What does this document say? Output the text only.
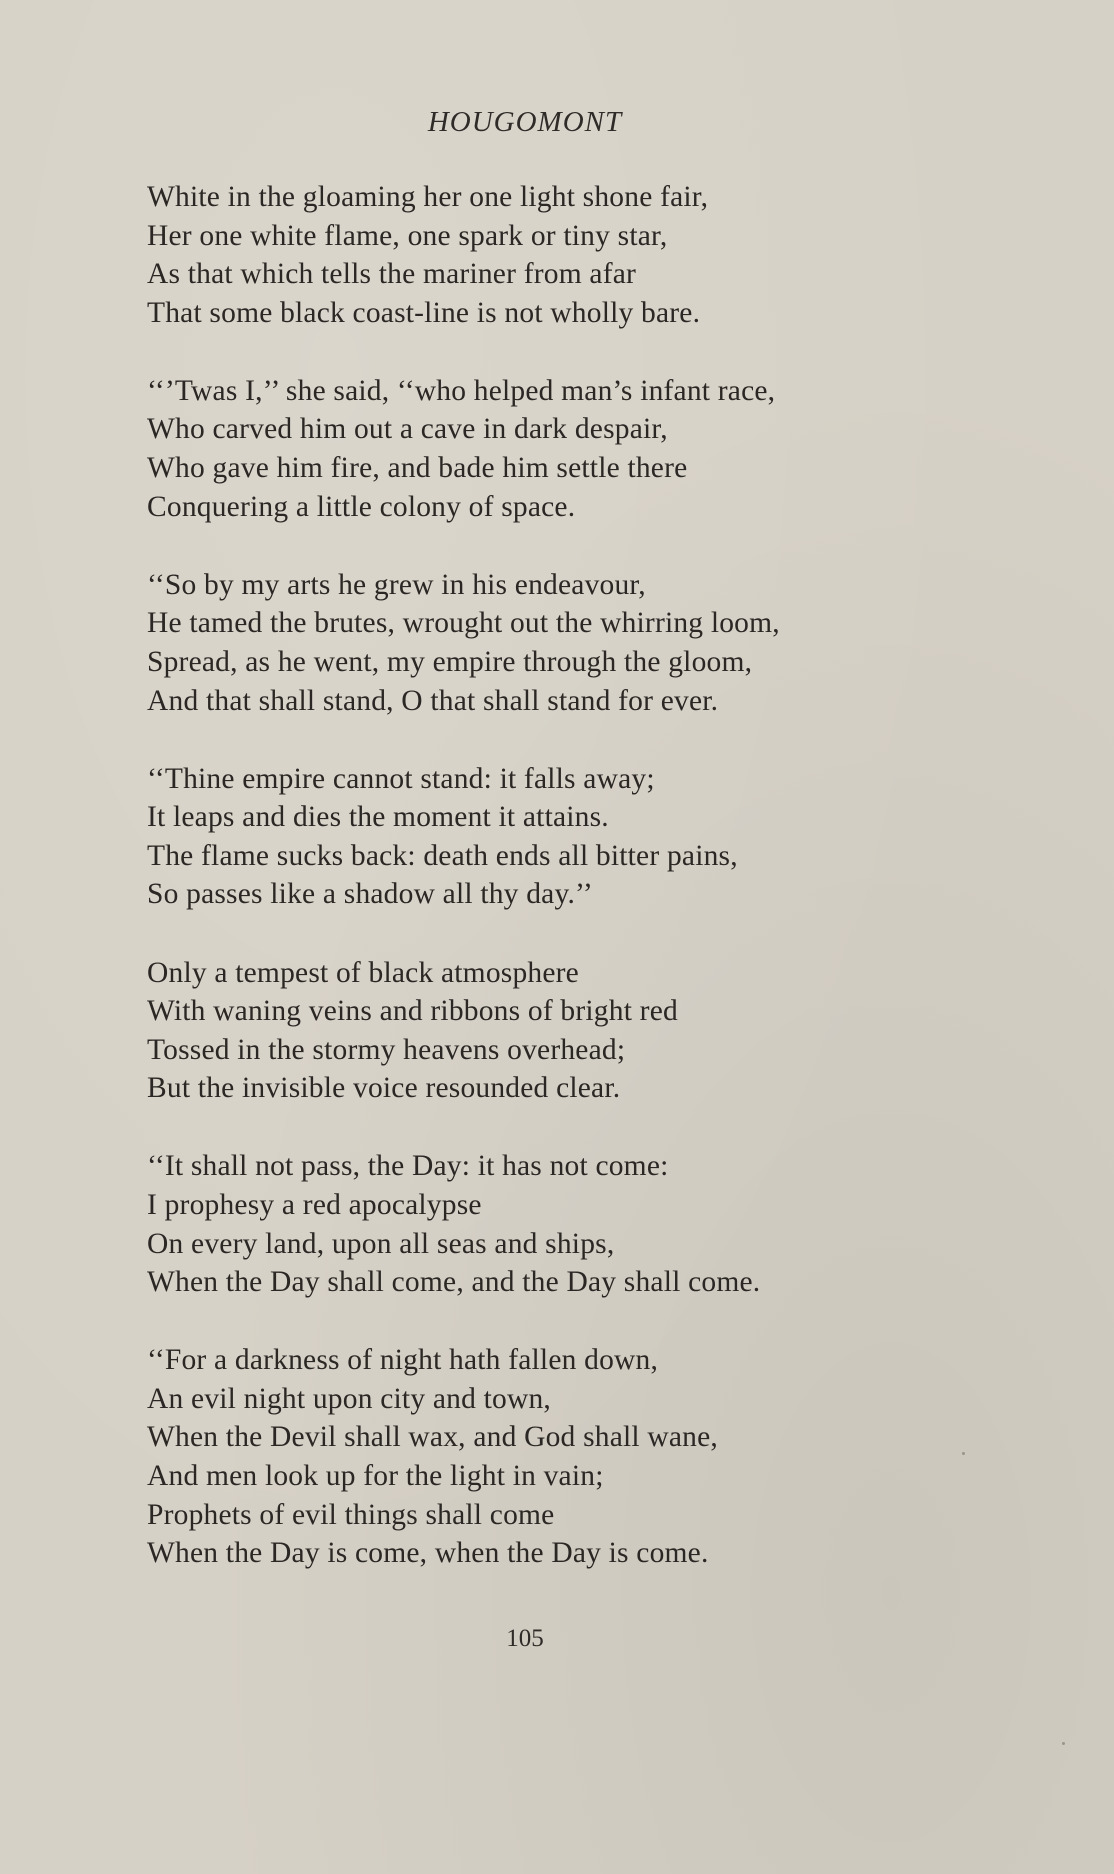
HOUGOMONT
White in the gloaming her one light shone fair,
Her one white flame, one spark or tiny star,
As that which tells the mariner from afar
That some black coast-line is not wholly bare.
‘‘’Twas I,’’ she said, ‘‘who helped man’s infant race,
Who carved him out a cave in dark despair,
Who gave him fire, and bade him settle there
Conquering a little colony of space.
‘‘So by my arts he grew in his endeavour,
He tamed the brutes, wrought out the whirring loom,
Spread, as he went, my empire through the gloom,
And that shall stand, O that shall stand for ever.
‘‘Thine empire cannot stand: it falls away;
It leaps and dies the moment it attains.
The flame sucks back: death ends all bitter pains,
So passes like a shadow all thy day.’’
Only a tempest of black atmosphere
With waning veins and ribbons of bright red
Tossed in the stormy heavens overhead;
But the invisible voice resounded clear.
‘‘It shall not pass, the Day: it has not come:
I prophesy a red apocalypse
On every land, upon all seas and ships,
When the Day shall come, and the Day shall come.
‘‘For a darkness of night hath fallen down,
An evil night upon city and town,
When the Devil shall wax, and God shall wane,
And men look up for the light in vain;
Prophets of evil things shall come
When the Day is come, when the Day is come.
105
